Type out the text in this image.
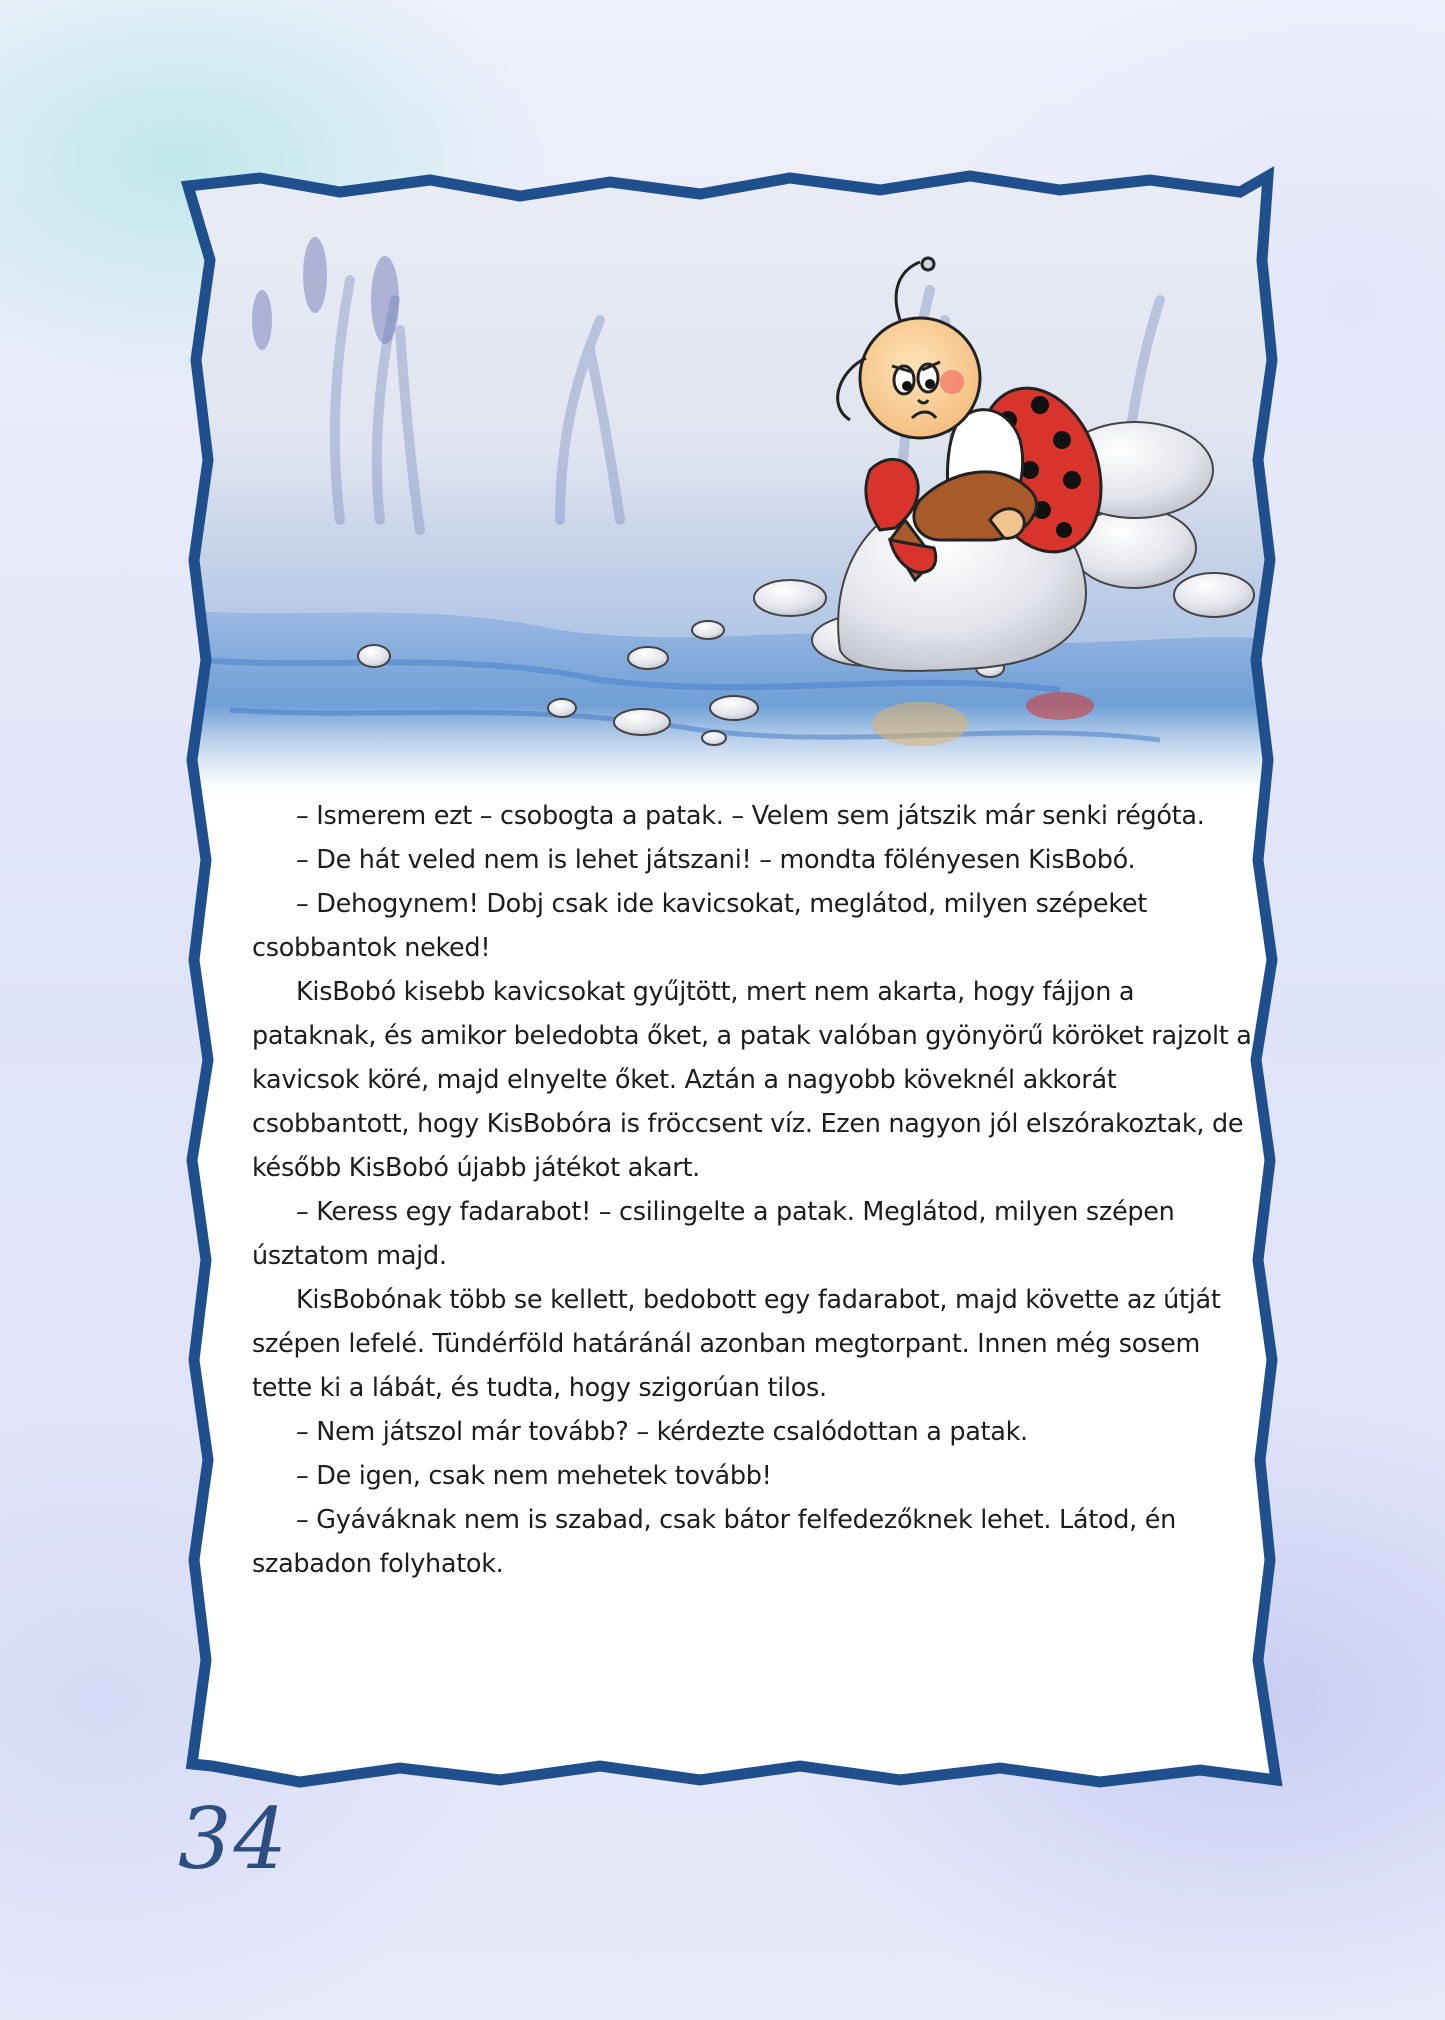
– Ismerem ezt – csobogta a patak. – Velem sem játszik már senki régóta.

– De hát veled nem is lehet játszani! – mondta fölényesen KisBobó.

– Dehogynem! Dobj csak ide kavicsokat, meglátod, milyen szépeket csobbantok neked!

KisBobó kisebb kavicsokat gyűjtött, mert nem akarta, hogy fájjon a pataknak, és amikor beledobta őket, a patak valóban gyönyörű köröket rajzolt a kavicsok köré, majd elnyelte őket. Aztán a nagyobb köveknél akkorát csobbantott, hogy KisBobóra is fröccsent víz. Ezen nagyon jól elszórakoztak, de később KisBobó újabb játékot akart.

– Keress egy fadarabot! – csilingelte a patak. Meglátod, milyen szépen úsztatom majd.

KisBobónak több se kellett, bedobott egy fadarabot, majd követte az útját szépen lefelé. Tündérföld határánál azonban megtorpant. Innen még sosem tette ki a lábát, és tudta, hogy szigorúan tilos.

– Nem játszol már tovább? – kérdezte csalódottan a patak.

– De igen, csak nem mehetek tovább!

– Gyáváknak nem is szabad, csak bátor felfedezőknek lehet. Látod, én szabadon folyhatok.

34
